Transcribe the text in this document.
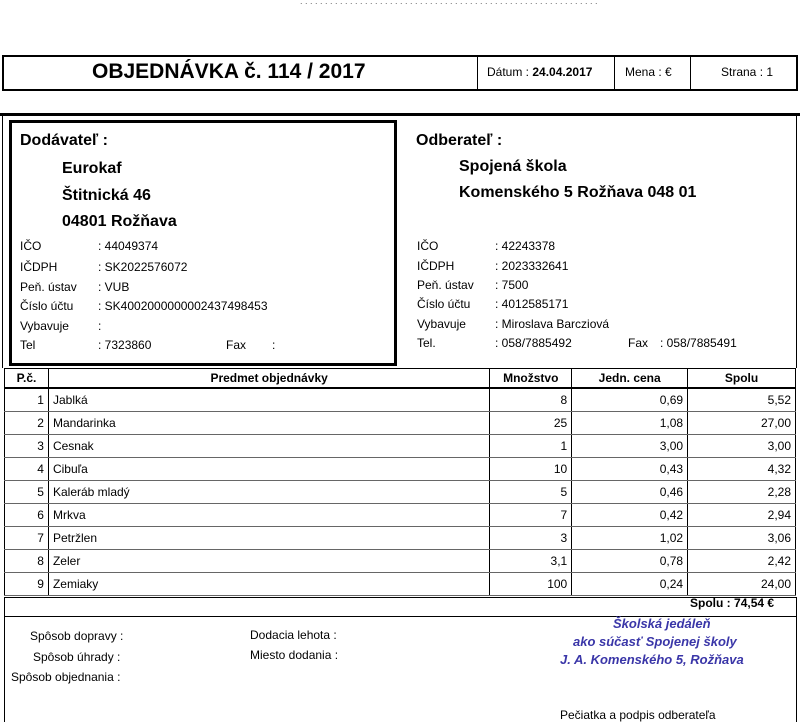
. . . . . . . . . . . . . . . . . . . . . . . . . . . . . . . . . . . . . . . . . . . . . . . . . . . . . . . . . . . .
OBJEDNÁVKA č. 114 / 2017	Dátum : 24.04.2017	Mena : €	Strana : 1
Dodávateľ :
Eurokaf
Štitnická 46
04801 Rožňava
IČO	: 44049374
IČDPH	: SK2022576072
Peň. ústav : VUB
Číslo účtu : SK4002000000002437498453
Vybavuje :
Tel	: 7323860	Fax :
Odberateľ :
Spojená škola
Komenského 5 Rožňava 048 01
IČO	: 42243378
IČDPH	: 2023332641
Peň. ústav : 7500
Číslo účtu : 4012585171
Vybavuje : Miroslava Barcziová
Tel.	: 058/7885492	Fax : 058/7885491
P.č.	Predmet objednávky	Množstvo	Jedn. cena	Spolu
1	Jablká	8	0,69	5,52
2	Mandarinka	25	1,08	27,00
3	Cesnak	1	3,00	3,00
4	Cibuľa	10	0,43	4,32
5	Kaleráb mladý	5	0,46	2,28
6	Mrkva	7	0,42	2,94
7	Petržlen	3	1,02	3,06
8	Zeler	3,1	0,78	2,42
9	Zemiaky	100	0,24	24,00
Spolu : 74,54 €
Spôsob dopravy :
Spôsob úhrady :
Spôsob objednania :
Dodacia lehota :
Miesto dodania :
Školská jedáleň
ako súčasť Spojenej školy
J. A. Komenského 5, Rožňava
Pečiatka a podpis odberateľa
